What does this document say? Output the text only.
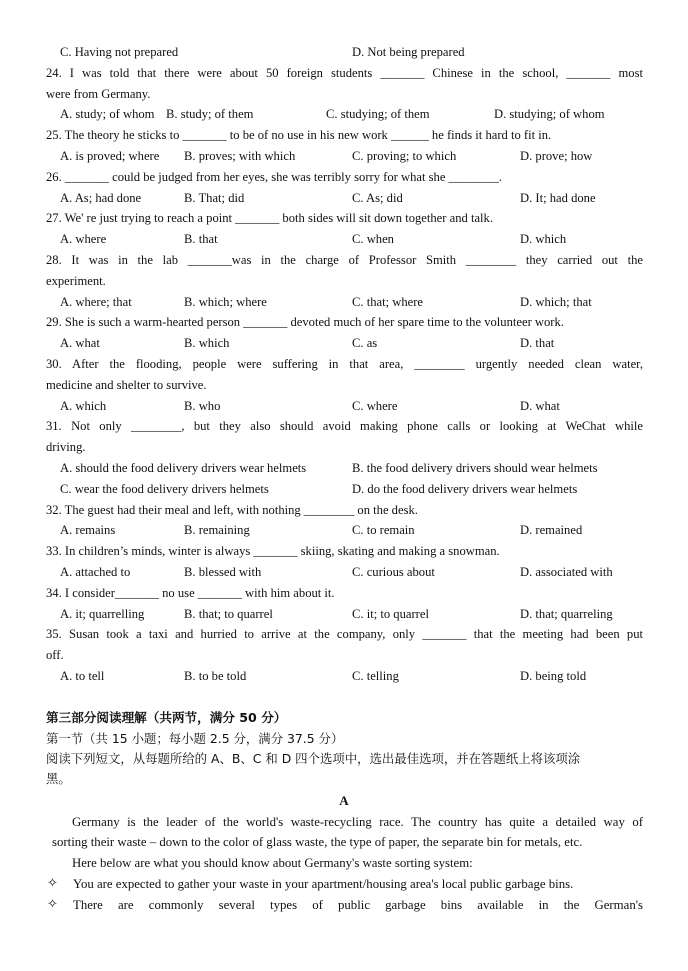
C. Having not prepared	D. Not being prepared
24. I was told that there were about 50 foreign students _______ Chinese in the school, _______ most
were from Germany.
A. study; of whom B. study; of them	C. studying; of them	D. studying; of whom
25. The theory he sticks to _______ to be of no use in his new work ______ he finds it hard to fit in.
A. is proved; where B. proves; with which	C. proving; to which	D. prove; how
26. _______ could be judged from her eyes, she was terribly sorry for what she ________.
A. As; had done	B. That; did	C. As; did	D. It; had done
27. We' re just trying to reach a point _______ both sides will sit down together and talk.
A. where	B. that	C. when	D. which
28. It was in the lab _______was in the charge of Professor Smith ________ they carried out the
experiment.
A. where; that	B. which; where	C. that; where	D. which; that
29. She is such a warm-hearted person _______ devoted much of her spare time to the volunteer work.
A. what	B. which	C. as	D. that
30. After the flooding, people were suffering in that area, ________ urgently needed clean water,
medicine and shelter to survive.
A. which	B. who	C. where	D. what
31. Not only ________, but they also should avoid making phone calls or looking at WeChat while
driving.
A. should the food delivery drivers wear helmets	B. the food delivery drivers should wear helmets
C. wear the food delivery drivers helmets	D. do the food delivery drivers wear helmets
32. The guest had their meal and left, with nothing ________ on the desk.
A. remains	B. remaining	C. to remain	D. remained
33. In children’s minds, winter is always _______ skiing, skating and making a snowman.
A. attached to	B. blessed with	C. curious about	D. associated with
34. I consider_______ no use _______ with him about it.
A. it; quarrelling	B. that; to quarrel	C. it; to quarrel	D. that; quarreling
35. Susan took a taxi and hurried to arrive at the company, only _______ that the meeting had been put
off.
A. to tell	B. to be told	C. telling	D. being told
第三部分阅读理解（共两节，满分 50 分）
第一节（共 15 小题；每小题 2.5 分，满分 37.5 分）
阅读下列短文，从每题所给的 A、B、C 和 D 四个选项中，选出最佳选项，并在答题纸上将该项涂
黑。
A
Germany is the leader of the world's waste-recycling race. The country has quite a detailed way of
sorting their waste – down to the color of glass waste, the type of paper, the separate bin for metals, etc.
Here below are what you should know about Germany's waste sorting system:
✧ You are expected to gather your waste in your apartment/housing area's local public garbage bins.
✧ There are commonly several types of public garbage bins available in the German's
